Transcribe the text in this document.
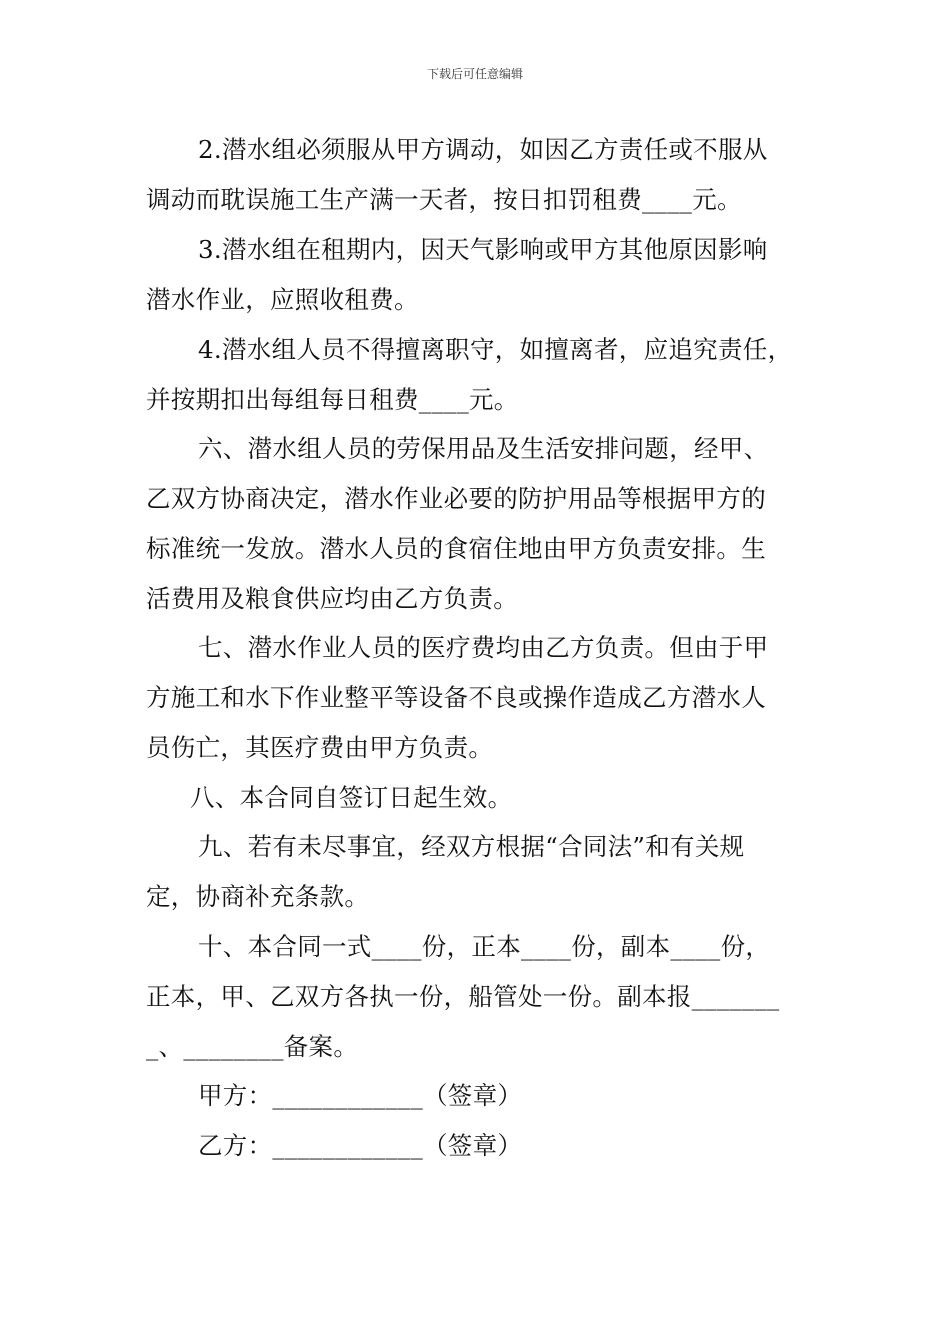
下载后可任意编辑
2.潜水组必须服从甲方调动，如因乙方责任或不服从
调动而耽误施工生产满一天者，按日扣罚租费____元。
3.潜水组在租期内，因天气影响或甲方其他原因影响
潜水作业，应照收租费。
4.潜水组人员不得擅离职守，如擅离者，应追究责任，
并按期扣出每组每日租费____元。
六、潜水组人员的劳保用品及生活安排问题，经甲、
乙双方协商决定，潜水作业必要的防护用品等根据甲方的
标准统一发放。潜水人员的食宿住地由甲方负责安排。生
活费用及粮食供应均由乙方负责。
七、潜水作业人员的医疗费均由乙方负责。但由于甲
方施工和水下作业整平等设备不良或操作造成乙方潜水人
员伤亡，其医疗费由甲方负责。
八、本合同自签订日起生效。
九、若有未尽事宜，经双方根据“合同法”和有关规
定，协商补充条款。
十、本合同一式____份，正本____份，副本____份，
正本，甲、乙双方各执一份，船管处一份。副本报_______
_、________备案。
甲方：____________（签章）
乙方：____________（签章）
